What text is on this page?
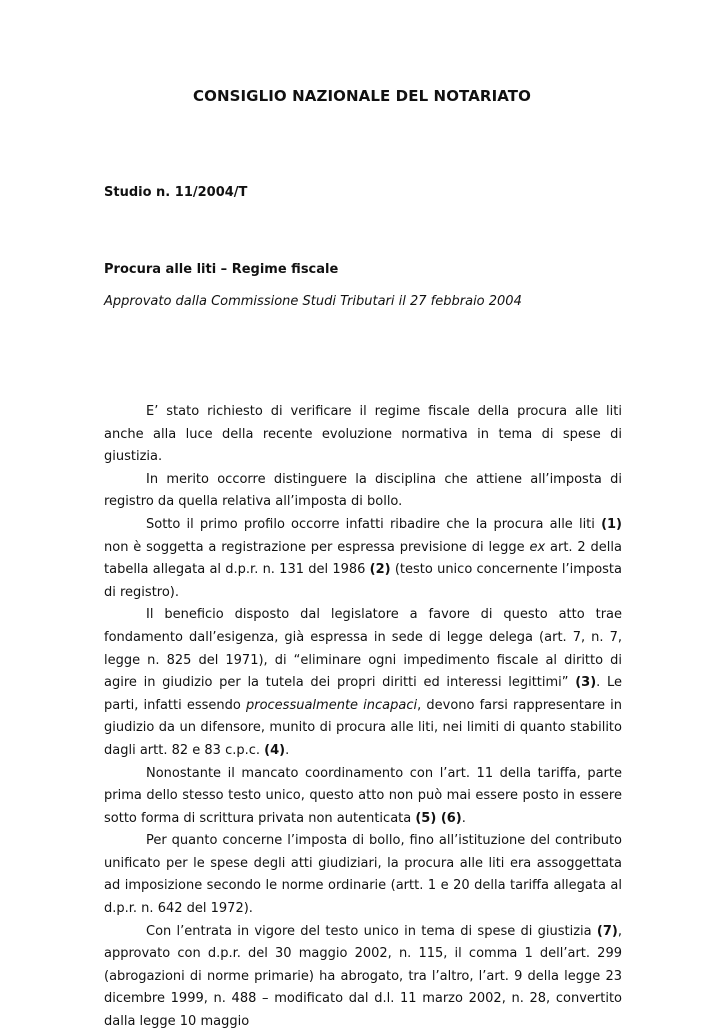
CONSIGLIO NAZIONALE DEL NOTARIATO
Studio n. 11/2004/T
Procura alle liti – Regime fiscale
Approvato dalla Commissione Studi Tributari il 27 febbraio 2004

E’ stato richiesto di verificare il regime fiscale della procura alle liti anche alla luce della recente evoluzione normativa in tema di spese di giustizia.

In merito occorre distinguere la disciplina che attiene all’imposta di registro da quella relativa all’imposta di bollo.

Sotto il primo profilo occorre infatti ribadire che la procura alle liti (1) non è soggetta a registrazione per espressa previsione di legge ex art. 2 della tabella allegata al d.p.r. n. 131 del 1986 (2) (testo unico concernente l’imposta di registro).

Il beneficio disposto dal legislatore a favore di questo atto trae fondamento dall’esigenza, già espressa in sede di legge delega (art. 7, n. 7, legge n. 825 del 1971), di “eliminare ogni impedimento fiscale al diritto di agire in giudizio per la tutela dei propri diritti ed interessi legittimi” (3). Le parti, infatti essendo processualmente incapaci, devono farsi rappresentare in giudizio da un difensore, munito di procura alle liti, nei limiti di quanto stabilito dagli artt. 82 e 83 c.p.c. (4).

Nonostante il mancato coordinamento con l’art. 11 della tariffa, parte prima dello stesso testo unico, questo atto non può mai essere posto in essere sotto forma di scrittura privata non autenticata (5) (6).

Per quanto concerne l’imposta di bollo, fino all’istituzione del contributo unificato per le spese degli atti giudiziari, la procura alle liti era assoggettata ad imposizione secondo le norme ordinarie (artt. 1 e 20 della tariffa allegata al d.p.r. n. 642 del 1972).

Con l’entrata in vigore del testo unico in tema di spese di giustizia (7), approvato con d.p.r. del 30 maggio 2002, n. 115, il comma 1 dell’art. 299 (abrogazioni di norme primarie) ha abrogato, tra l’altro, l’art. 9 della legge 23 dicembre 1999, n. 488 – modificato dal d.l. 11 marzo 2002, n. 28, convertito dalla legge 10 maggio
